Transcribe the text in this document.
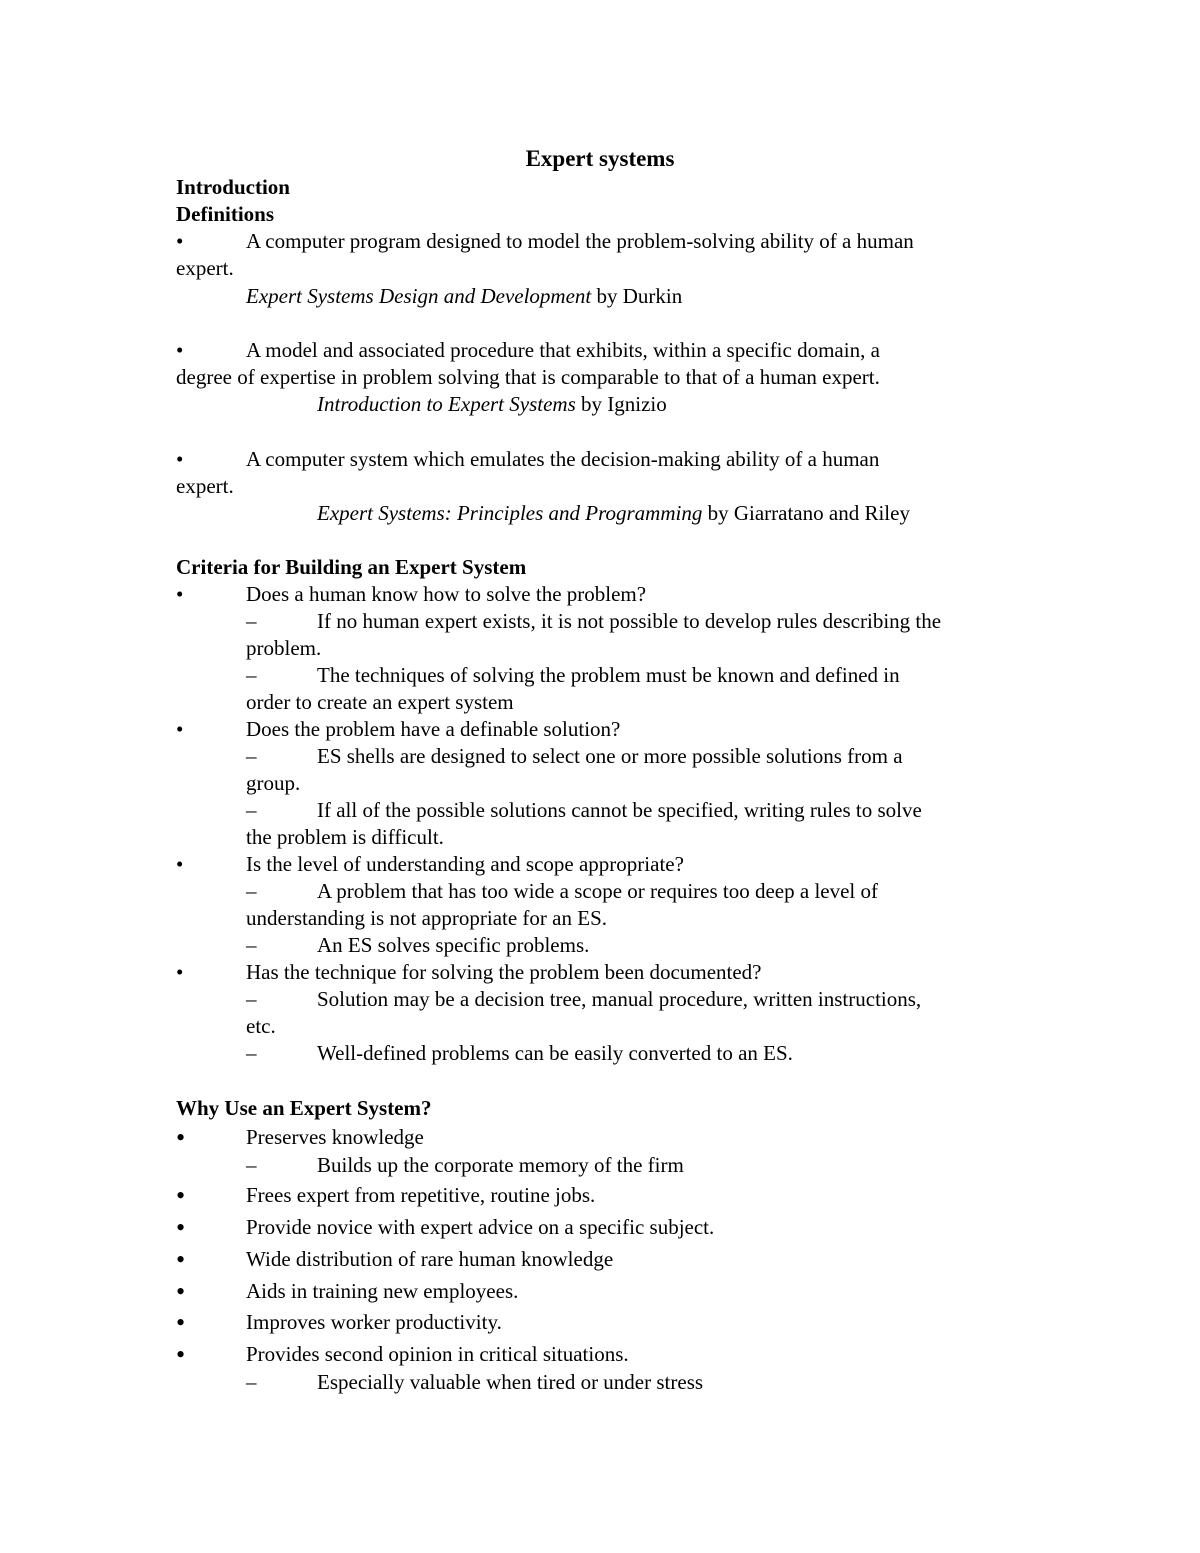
Expert systems
Introduction
Definitions
•	A computer program designed to model the problem-solving ability of a human
expert.
Expert Systems Design and Development by Durkin
•	A model and associated procedure that exhibits, within a specific domain, a
degree of expertise in problem solving that is comparable to that of a human expert.
Introduction to Expert Systems by Ignizio
•	A computer system which emulates the decision-making ability of a human
expert.
Expert Systems: Principles and Programming by Giarratano and Riley
Criteria for Building an Expert System
•	Does a human know how to solve the problem?
–	If no human expert exists, it is not possible to develop rules describing the
problem.
–	The techniques of solving the problem must be known and defined in
order to create an expert system
•	Does the problem have a definable solution?
–	ES shells are designed to select one or more possible solutions from a
group.
–	If all of the possible solutions cannot be specified, writing rules to solve
the problem is difficult.
•	Is the level of understanding and scope appropriate?
–	A problem that has too wide a scope or requires too deep a level of
understanding is not appropriate for an ES.
–	An ES solves specific problems.
•	Has the technique for solving the problem been documented?
–	Solution may be a decision tree, manual procedure, written instructions,
etc.
–	Well-defined problems can be easily converted to an ES.
Why Use an Expert System?
•	Preserves knowledge
–	Builds up the corporate memory of the firm
•	Frees expert from repetitive, routine jobs.
•	Provide novice with expert advice on a specific subject.
•	Wide distribution of rare human knowledge
•	Aids in training new employees.
•	Improves worker productivity.
•	Provides second opinion in critical situations.
–	Especially valuable when tired or under stress
